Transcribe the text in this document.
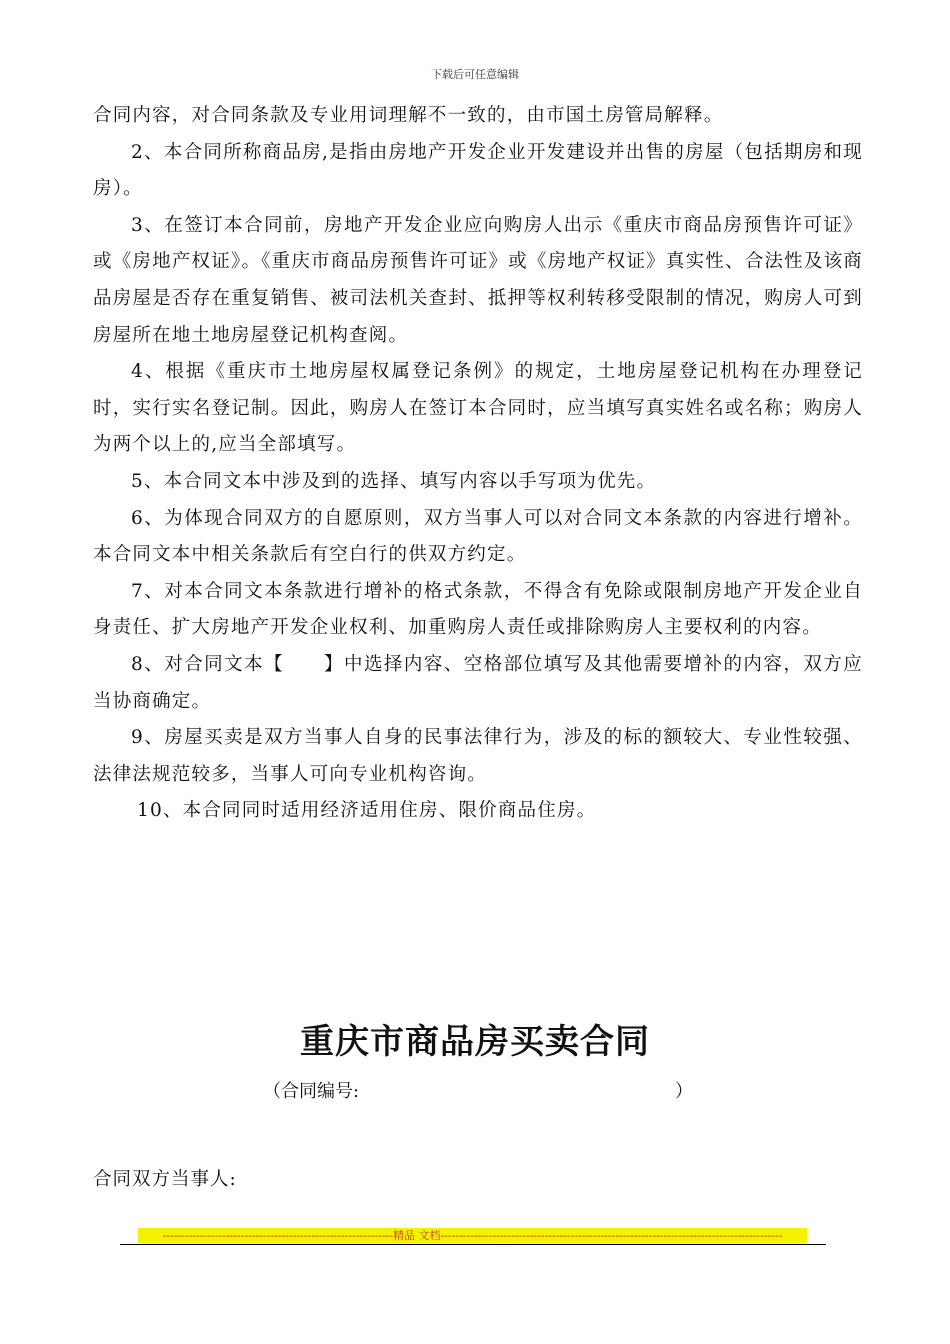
下载后可任意编辑

合同内容，对合同条款及专业用词理解不一致的，由市国土房管局解释。

2、本合同所称商品房,是指由房地产开发企业开发建设并出售的房屋（包括期房和现房）。

3、在签订本合同前，房地产开发企业应向购房人出示《重庆市商品房预售许可证》或《房地产权证》。《重庆市商品房预售许可证》或《房地产权证》真实性、合法性及该商品房屋是否存在重复销售、被司法机关查封、抵押等权利转移受限制的情况，购房人可到房屋所在地土地房屋登记机构查阅。

4、根据《重庆市土地房屋权属登记条例》的规定，土地房屋登记机构在办理登记时，实行实名登记制。因此，购房人在签订本合同时，应当填写真实姓名或名称；购房人为两个以上的,应当全部填写。

5、本合同文本中涉及到的选择、填写内容以手写项为优先。

6、为体现合同双方的自愿原则，双方当事人可以对合同文本条款的内容进行增补。本合同文本中相关条款后有空白行的供双方约定。

7、对本合同文本条款进行增补的格式条款，不得含有免除或限制房地产开发企业自身责任、扩大房地产开发企业权利、加重购房人责任或排除购房人主要权利的内容。

8、对合同文本【　　】中选择内容、空格部位填写及其他需要增补的内容，双方应当协商确定。

9、房屋买卖是双方当事人自身的民事法律行为，涉及的标的额较大、专业性较强、法律法规范较多，当事人可向专业机构咨询。

10、本合同同时适用经济适用住房、限价商品住房。

重庆市商品房买卖合同
（合同编号:	）
合同双方当事人:
--------------------------------------------------------------精品 文档--------------------------------------------------------------------------------------------
